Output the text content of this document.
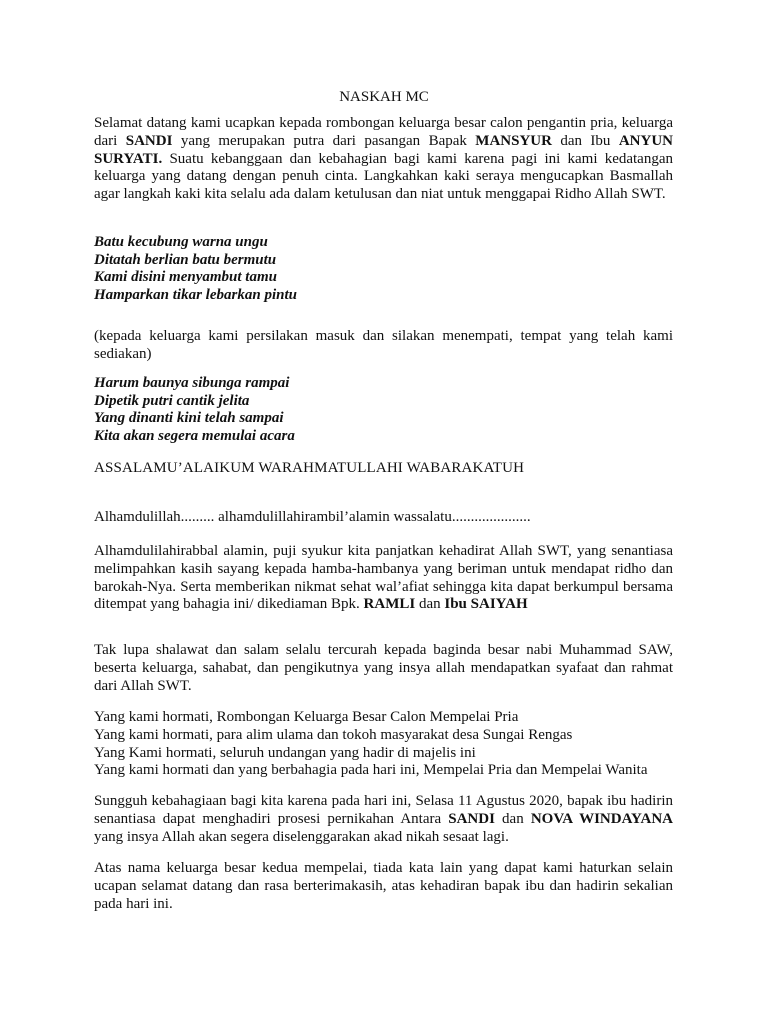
NASKAH MC
Selamat datang kami ucapkan kepada rombongan keluarga besar calon pengantin pria, keluarga dari SANDI yang merupakan putra dari pasangan Bapak MANSYUR dan Ibu ANYUN SURYATI. Suatu kebanggaan dan kebahagian bagi kami karena pagi ini kami kedatangan keluarga yang datang dengan penuh cinta. Langkahkan kaki seraya mengucapkan Basmallah agar langkah kaki kita selalu ada dalam ketulusan dan niat untuk menggapai Ridho Allah SWT.
Batu kecubung warna ungu
Ditatah berlian batu bermutu
Kami disini menyambut tamu
Hamparkan tikar lebarkan pintu
(kepada keluarga kami persilakan masuk dan silakan menempati, tempat yang telah kami sediakan)
Harum baunya sibunga rampai
Dipetik putri cantik jelita
Yang dinanti kini telah sampai
Kita akan segera memulai acara
ASSALAMU’ALAIKUM WARAHMATULLAHI WABARAKATUH
Alhamdulillah......... alhamdulillahirambil’alamin wassalatu.....................
Alhamdulilahirabbal alamin, puji syukur kita panjatkan kehadirat Allah SWT, yang senantiasa melimpahkan kasih sayang kepada hamba-hambanya yang beriman untuk mendapat ridho dan barokah-Nya. Serta memberikan nikmat sehat wal’afiat sehingga kita dapat berkumpul bersama ditempat yang bahagia ini/ dikediaman Bpk. RAMLI dan Ibu SAIYAH
Tak lupa shalawat dan salam selalu tercurah kepada baginda besar nabi Muhammad SAW, beserta keluarga, sahabat, dan pengikutnya yang insya allah mendapatkan syafaat dan rahmat dari Allah SWT.
Yang kami hormati, Rombongan Keluarga Besar Calon Mempelai Pria
Yang kami hormati, para alim ulama dan tokoh masyarakat desa Sungai Rengas
Yang Kami hormati, seluruh undangan yang hadir di majelis ini
Yang kami hormati dan yang berbahagia pada hari ini, Mempelai Pria dan Mempelai Wanita
Sungguh kebahagiaan bagi kita karena pada hari ini, Selasa 11 Agustus 2020, bapak ibu hadirin senantiasa dapat menghadiri prosesi pernikahan Antara SANDI dan NOVA WINDAYANA yang insya Allah akan segera diselenggarakan akad nikah sesaat lagi.
Atas nama keluarga besar kedua mempelai, tiada kata lain yang dapat kami haturkan selain ucapan selamat datang dan rasa berterimakasih, atas kehadiran bapak ibu dan hadirin sekalian pada hari ini.
